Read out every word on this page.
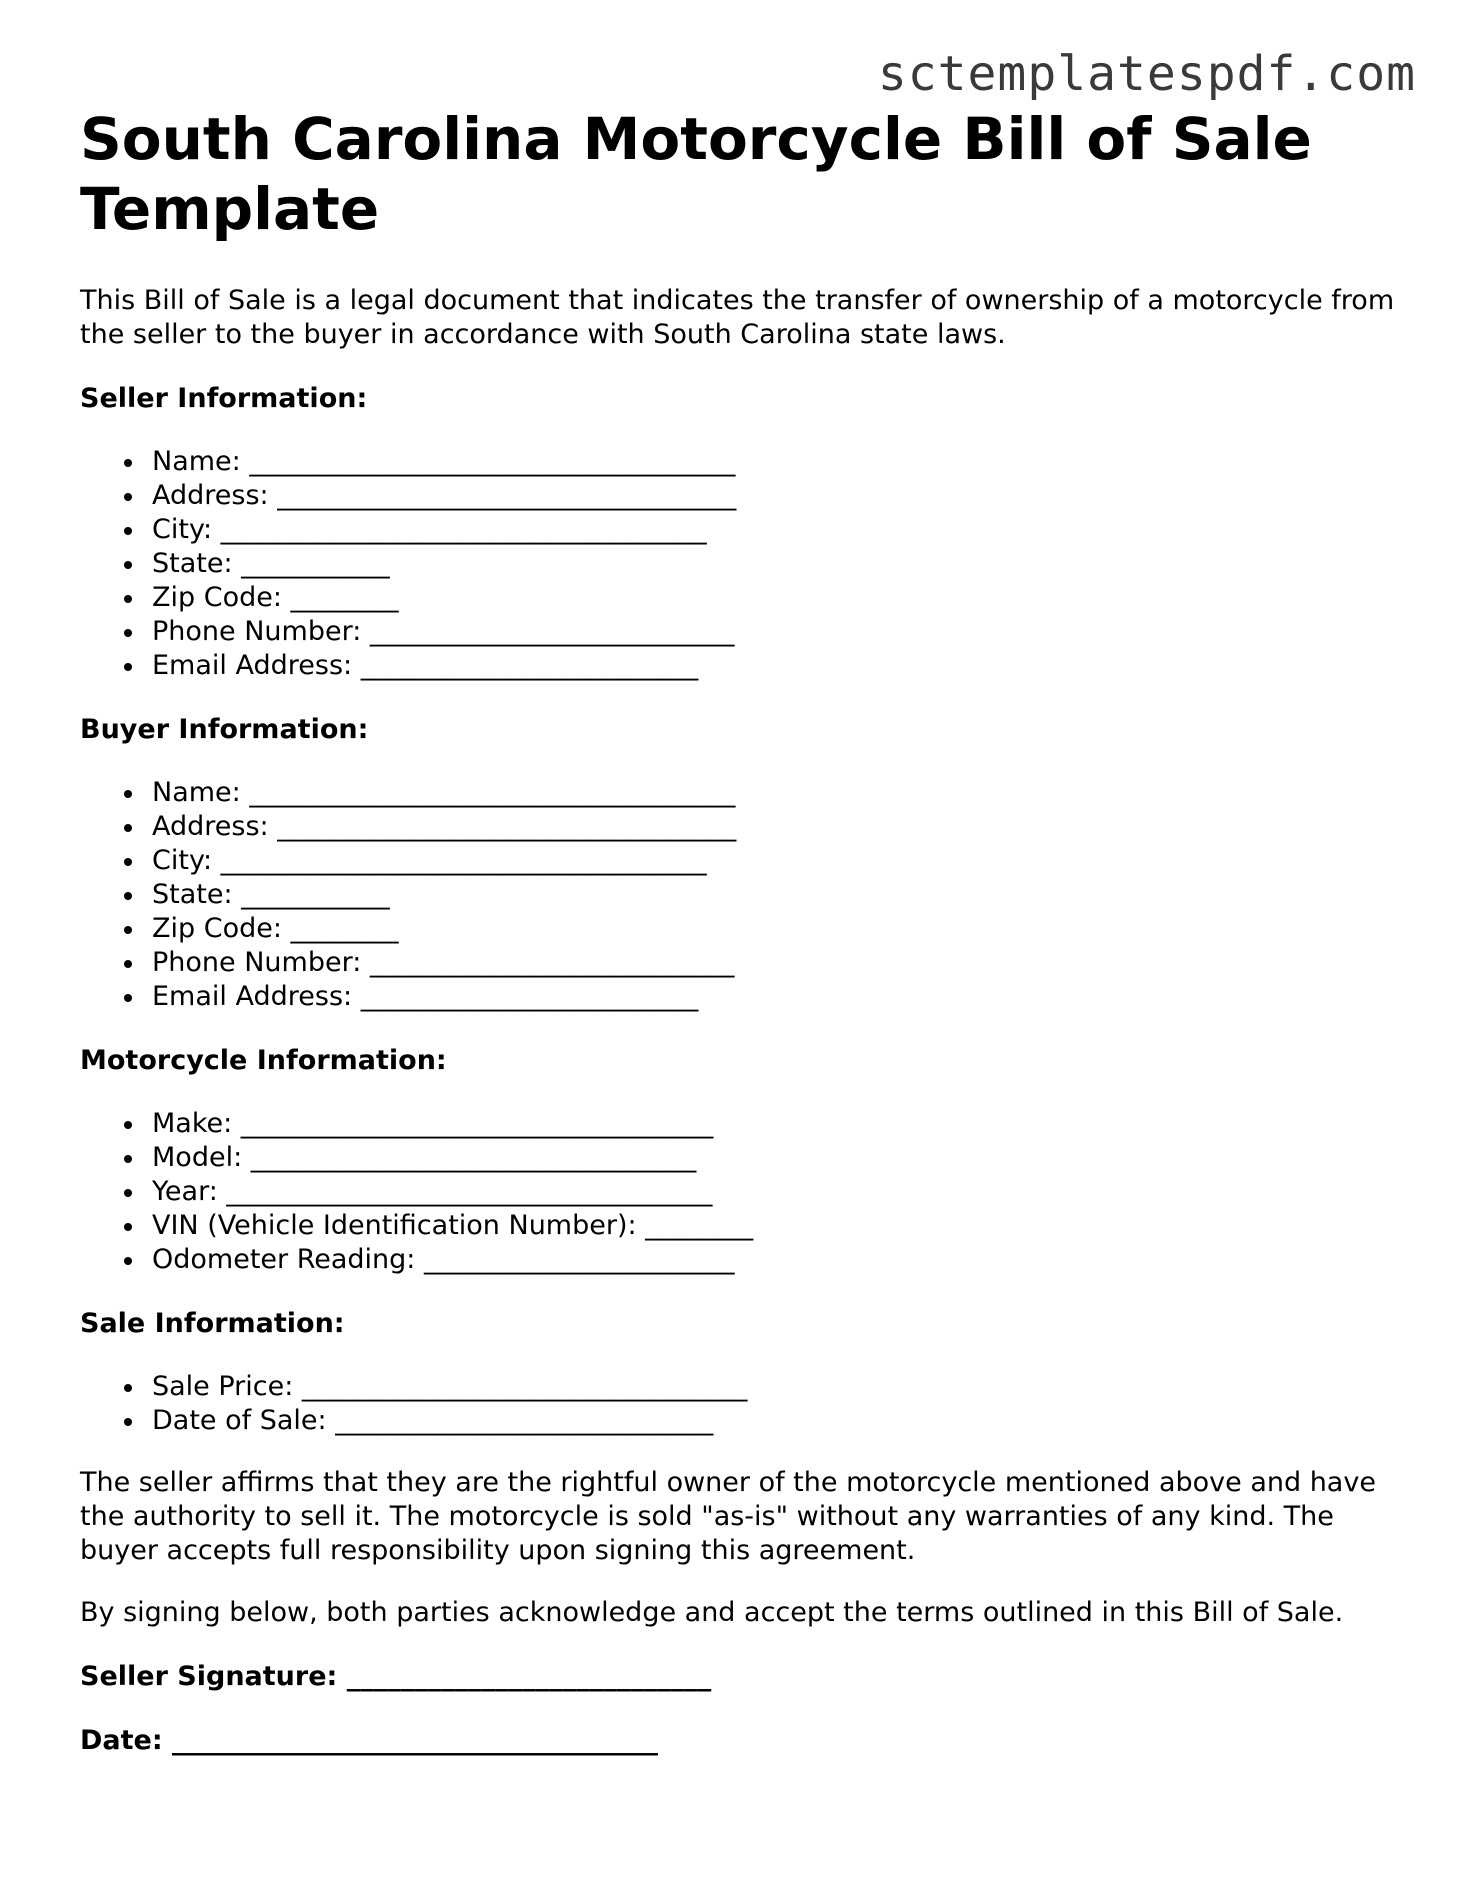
sctemplatespdf.com
South Carolina Motorcycle Bill of Sale Template

This Bill of Sale is a legal document that indicates the transfer of ownership of a motorcycle from the seller to the buyer in accordance with South Carolina state laws.

Seller Information:
Name: ____________________________________
Address: __________________________________
City: ____________________________________
State: ___________
Zip Code: ________
Phone Number: ___________________________
Email Address: _________________________
Buyer Information:
Name: ____________________________________
Address: __________________________________
City: ____________________________________
State: ___________
Zip Code: ________
Phone Number: ___________________________
Email Address: _________________________
Motorcycle Information:
Make: ___________________________________
Model: _________________________________
Year: ____________________________________
VIN (Vehicle Identification Number): ________
Odometer Reading: _______________________
Sale Information:
Sale Price: _________________________________
Date of Sale: ____________________________

The seller affirms that they are the rightful owner of the motorcycle mentioned above and have the authority to sell it. The motorcycle is sold "as-is" without any warranties of any kind. The buyer accepts full responsibility upon signing this agreement.

By signing below, both parties acknowledge and accept the terms outlined in this Bill of Sale.

Seller Signature: ___________________________
Date: ____________________________________
